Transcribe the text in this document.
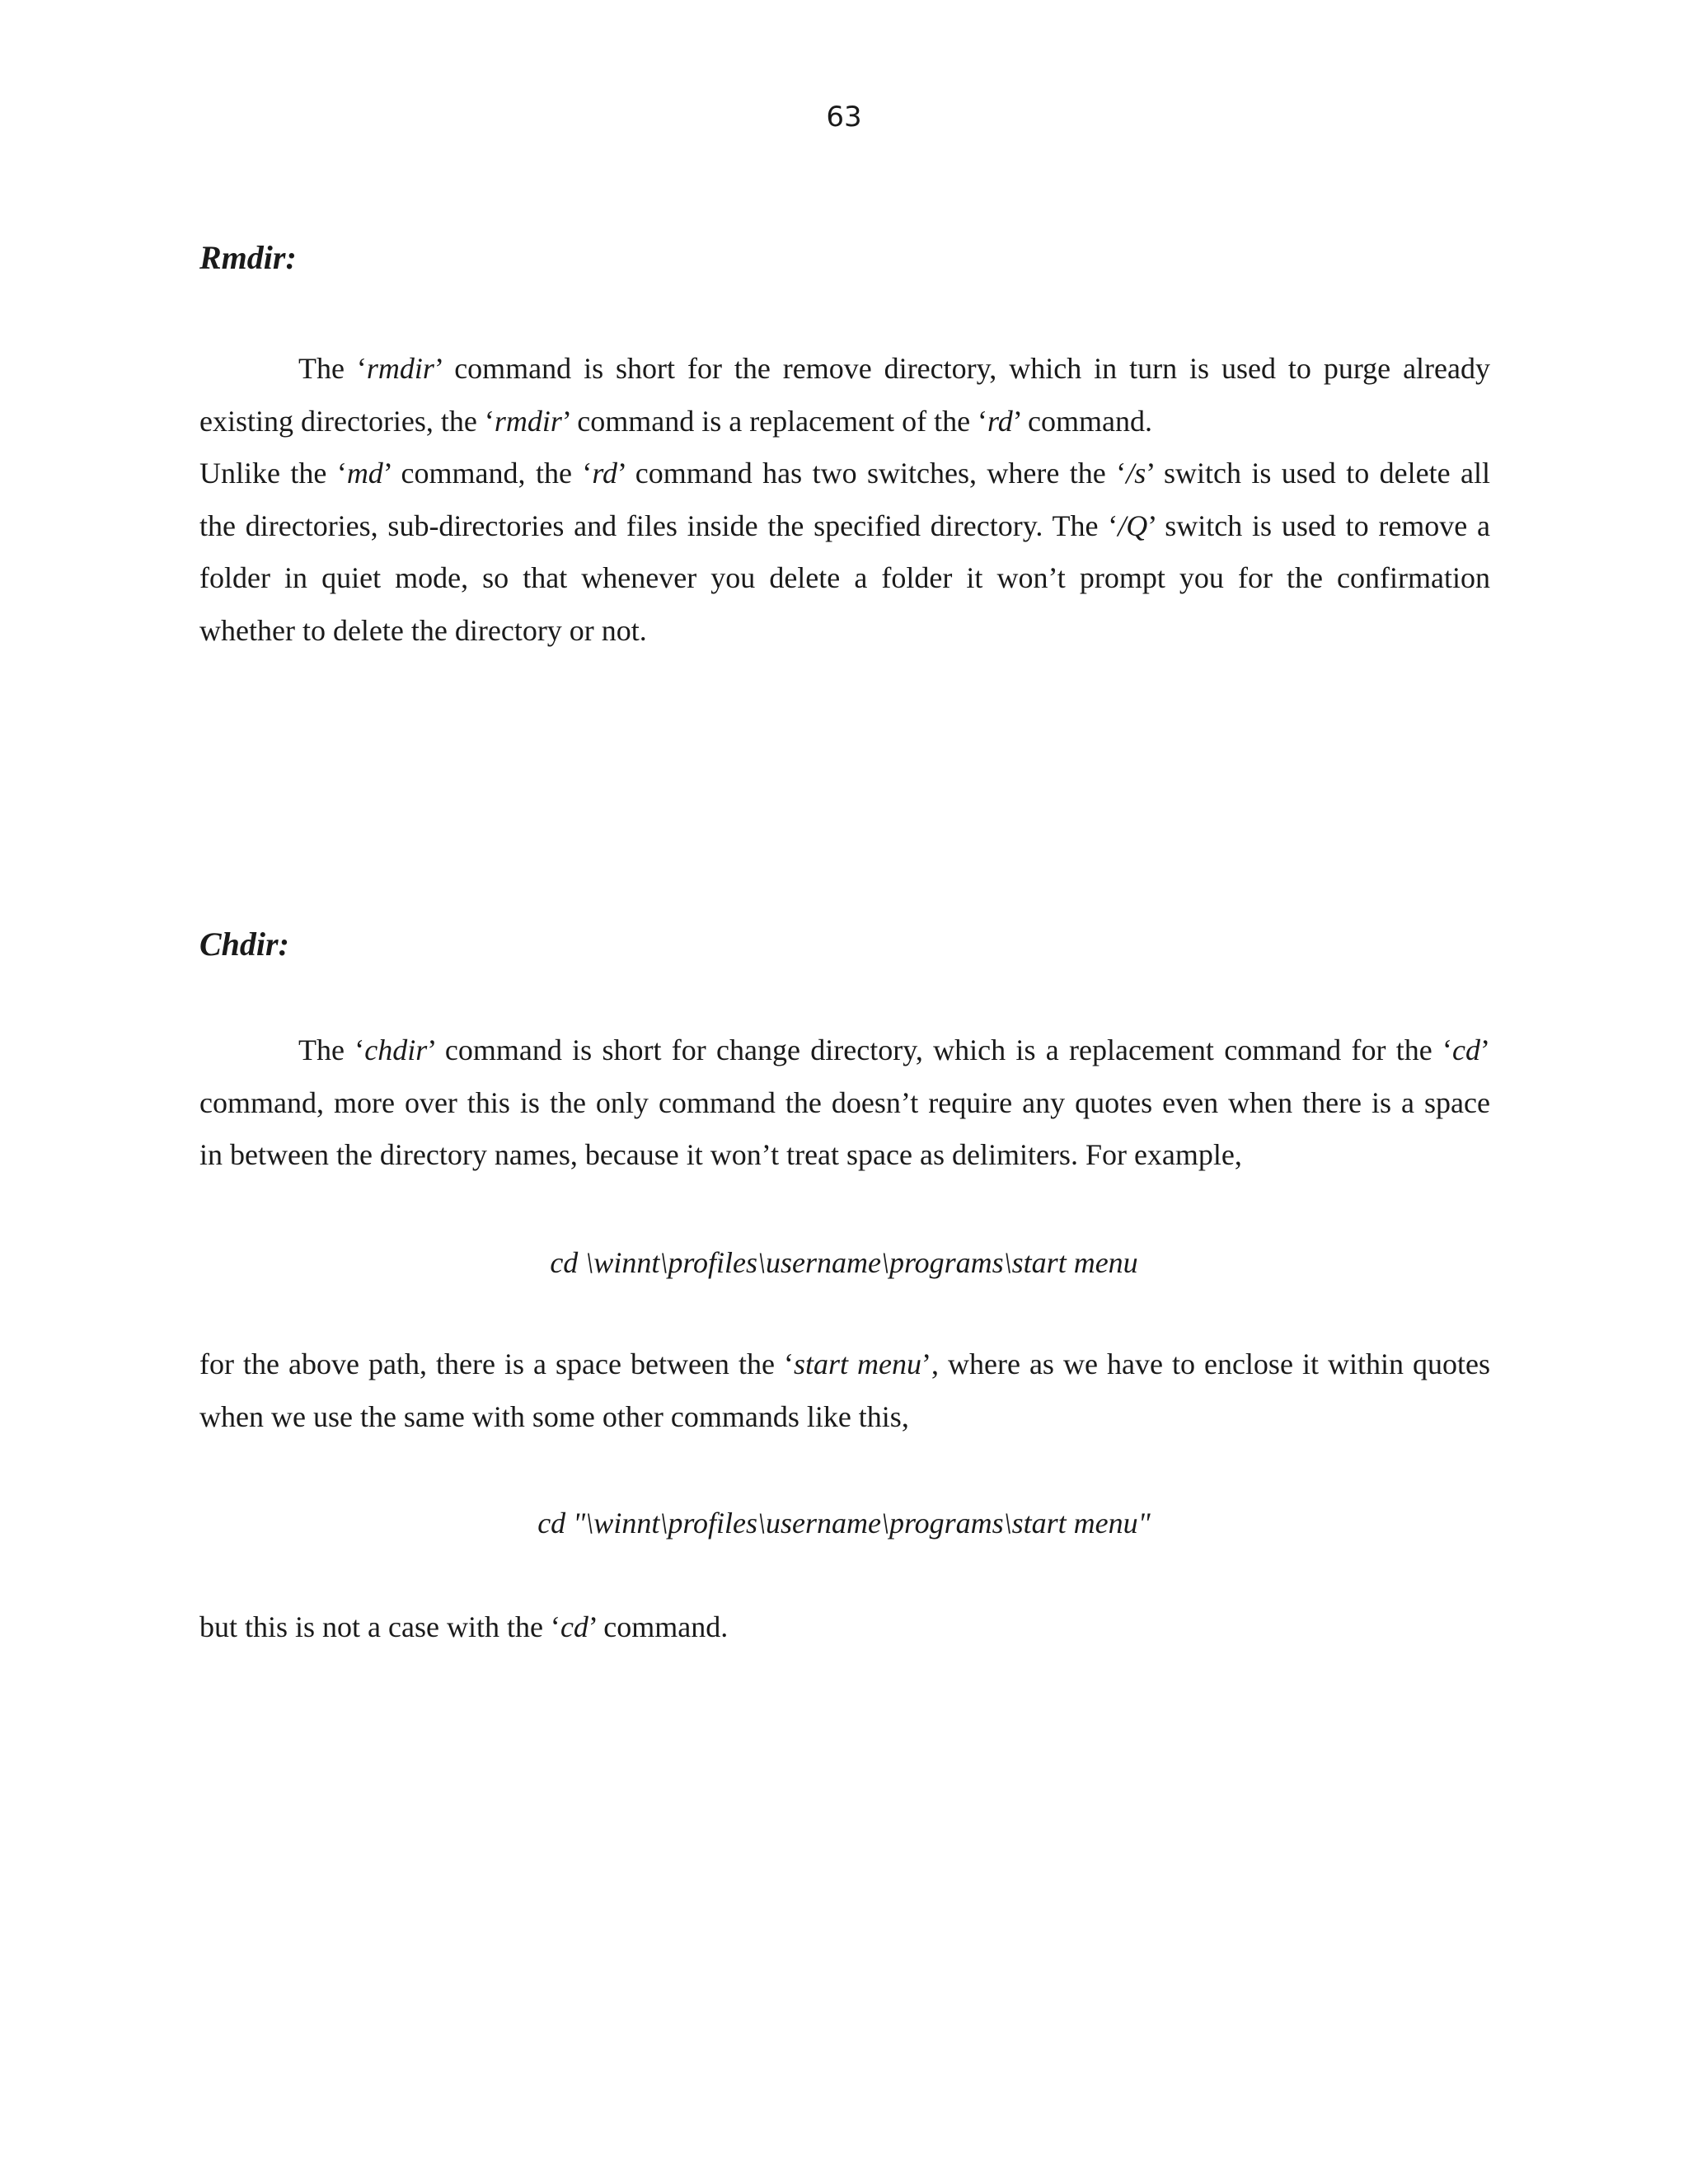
63
Rmdir:
The ‘rmdir’ command is short for the remove directory, which in turn is used to purge already
existing directories, the ‘rmdir’ command is a replacement of the ‘rd’ command.
Unlike the ‘md’ command, the ‘rd’ command has two switches, where the ‘/s’ switch is used to delete all
the directories, sub-directories and files inside the specified directory. The ‘/Q’ switch is used to remove a
folder in quiet mode, so that whenever you delete a folder it won’t prompt you for the confirmation
whether to delete the directory or not.
Chdir:
The ‘chdir’ command is short for change directory, which is a replacement command for the ‘cd’
command, more over this is the only command the doesn’t require any quotes even when there is a space
in between the directory names, because it won’t treat space as delimiters. For example,
cd \winnt\profiles\username\programs\start menu
for the above path, there is a space between the ‘start menu’, where as we have to enclose it within quotes
when we use the same with some other commands like this,
cd "\winnt\profiles\username\programs\start menu"
but this is not a case with the ‘cd’ command.
